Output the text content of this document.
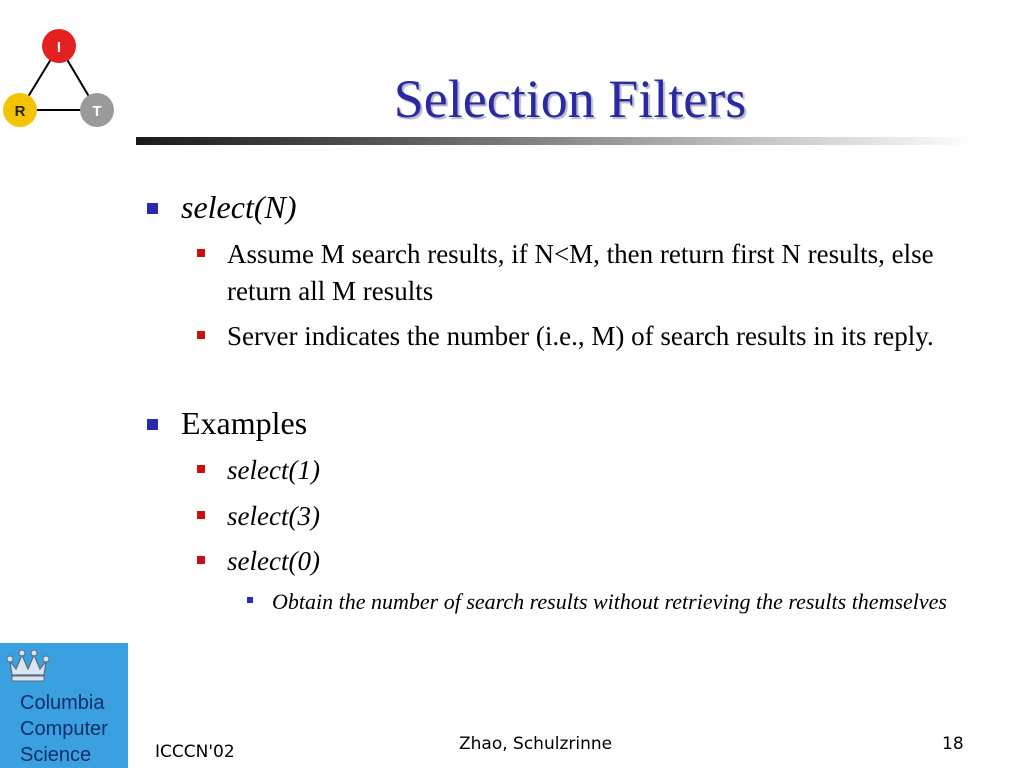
I
R	T	Selection Filters
select(N)
Assume M search results, if N<M, then return first N results, else return all M results
Server indicates the number (i.e., M) of search results in its reply.
Examples
select(1)
select(3)
select(0)
Obtain the number of search results without retrieving the results themselves
Columbia
Computer
Science	ICCCN'02	Zhao, Schulzrinne	18
